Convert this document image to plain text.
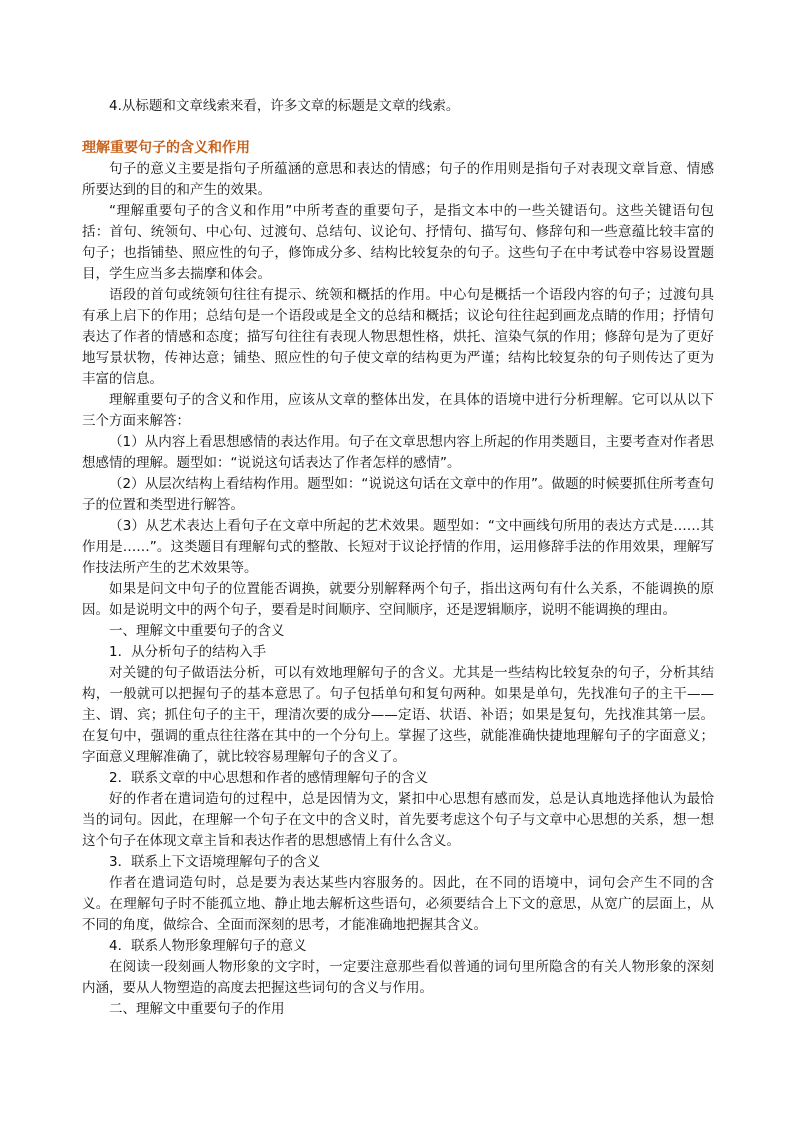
4.从标题和文章线索来看，许多文章的标题是文章的线索。

理解重要句子的含义和作用

句子的意义主要是指句子所蕴涵的意思和表达的情感；句子的作用则是指句子对表现文章旨意、情感所要达到的目的和产生的效果。

“理解重要句子的含义和作用”中所考查的重要句子，是指文本中的一些关键语句。这些关键语句包括：首句、统领句、中心句、过渡句、总结句、议论句、抒情句、描写句、修辞句和一些意蕴比较丰富的句子；也指铺垫、照应性的句子，修饰成分多、结构比较复杂的句子。这些句子在中考试卷中容易设置题目，学生应当多去揣摩和体会。

语段的首句或统领句往往有提示、统领和概括的作用。中心句是概括一个语段内容的句子；过渡句具有承上启下的作用；总结句是一个语段或是全文的总结和概括；议论句往往起到画龙点睛的作用；抒情句表达了作者的情感和态度；描写句往往有表现人物思想性格，烘托、渲染气氛的作用；修辞句是为了更好地写景状物，传神达意；铺垫、照应性的句子使文章的结构更为严谨；结构比较复杂的句子则传达了更为丰富的信息。

理解重要句子的含义和作用，应该从文章的整体出发，在具体的语境中进行分析理解。它可以从以下三个方面来解答：

（1）从内容上看思想感情的表达作用。句子在文章思想内容上所起的作用类题目，主要考查对作者思想感情的理解。题型如：“说说这句话表达了作者怎样的感情”。

（2）从层次结构上看结构作用。题型如：“说说这句话在文章中的作用”。做题的时候要抓住所考查句子的位置和类型进行解答。

（3）从艺术表达上看句子在文章中所起的艺术效果。题型如：“文中画线句所用的表达方式是……其作用是……”。这类题目有理解句式的整散、长短对于议论抒情的作用，运用修辞手法的作用效果，理解写作技法所产生的艺术效果等。

如果是问文中句子的位置能否调换，就要分别解释两个句子，指出这两句有什么关系，不能调换的原因。如是说明文中的两个句子，要看是时间顺序、空间顺序，还是逻辑顺序，说明不能调换的理由。

一、理解文中重要句子的含义

1．从分析句子的结构入手

对关键的句子做语法分析，可以有效地理解句子的含义。尤其是一些结构比较复杂的句子，分析其结构，一般就可以把握句子的基本意思了。句子包括单句和复句两种。如果是单句，先找准句子的主干——主、谓、宾；抓住句子的主干，理清次要的成分——定语、状语、补语；如果是复句，先找准其第一层。在复句中，强调的重点往往落在其中的一个分句上。掌握了这些，就能准确快捷地理解句子的字面意义；字面意义理解准确了，就比较容易理解句子的含义了。

2．联系文章的中心思想和作者的感情理解句子的含义

好的作者在遣词造句的过程中，总是因情为文，紧扣中心思想有感而发，总是认真地选择他认为最恰当的词句。因此，在理解一个句子在文中的含义时，首先要考虑这个句子与文章中心思想的关系，想一想这个句子在体现文章主旨和表达作者的思想感情上有什么含义。

3．联系上下文语境理解句子的含义

作者在遣词造句时，总是要为表达某些内容服务的。因此，在不同的语境中，词句会产生不同的含义。在理解句子时不能孤立地、静止地去解析这些语句，必须要结合上下文的意思，从宽广的层面上，从不同的角度，做综合、全面而深刻的思考，才能准确地把握其含义。

4．联系人物形象理解句子的意义

在阅读一段刻画人物形象的文字时，一定要注意那些看似普通的词句里所隐含的有关人物形象的深刻内涵，要从人物塑造的高度去把握这些词句的含义与作用。

二、理解文中重要句子的作用
